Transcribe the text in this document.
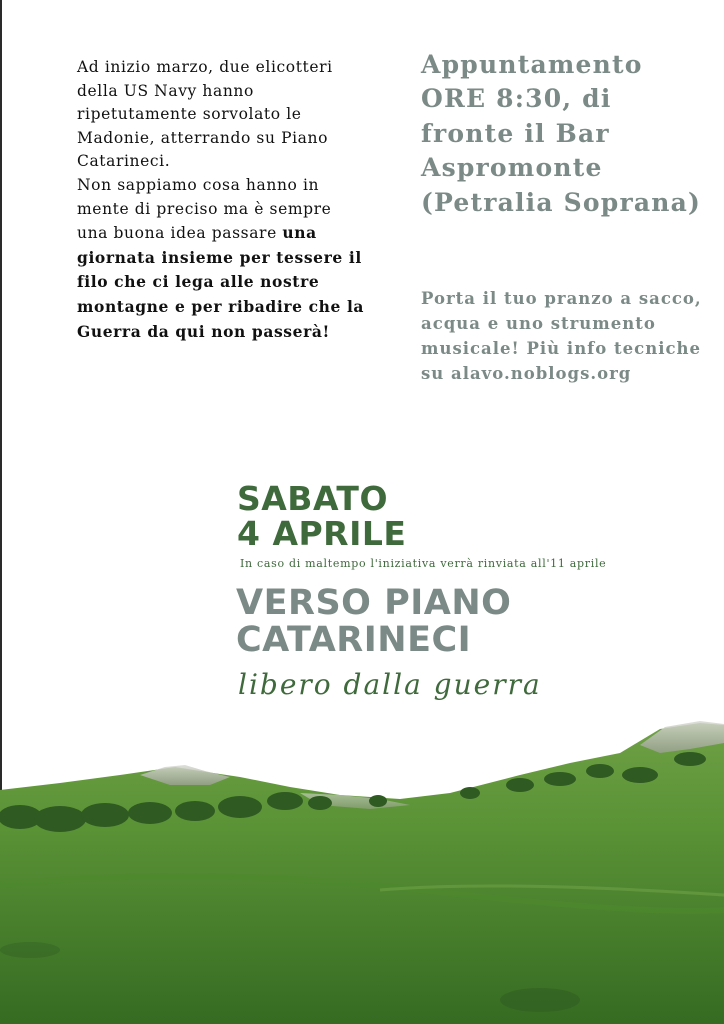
Ad inizio marzo, due elicotteri della US Navy hanno ripetutamente sorvolato le Madonie, atterrando su Piano Catarineci.
Non sappiamo cosa hanno in mente di preciso ma è sempre una buona idea passare una giornata insieme per tessere il filo che ci lega alle nostre montagne e per ribadire che la Guerra da qui non passerà!
Appuntamento ORE 8:30, di fronte il Bar Aspromonte (Petralia Soprana)
Porta il tuo pranzo a sacco, acqua e uno strumento musicale! Più info tecniche su alavo.noblogs.org
SABATO
4 APRILE
In caso di maltempo l'iniziativa verrà rinviata all'11 aprile
VERSO PIANO
CATARINECI
libero dalla guerra
